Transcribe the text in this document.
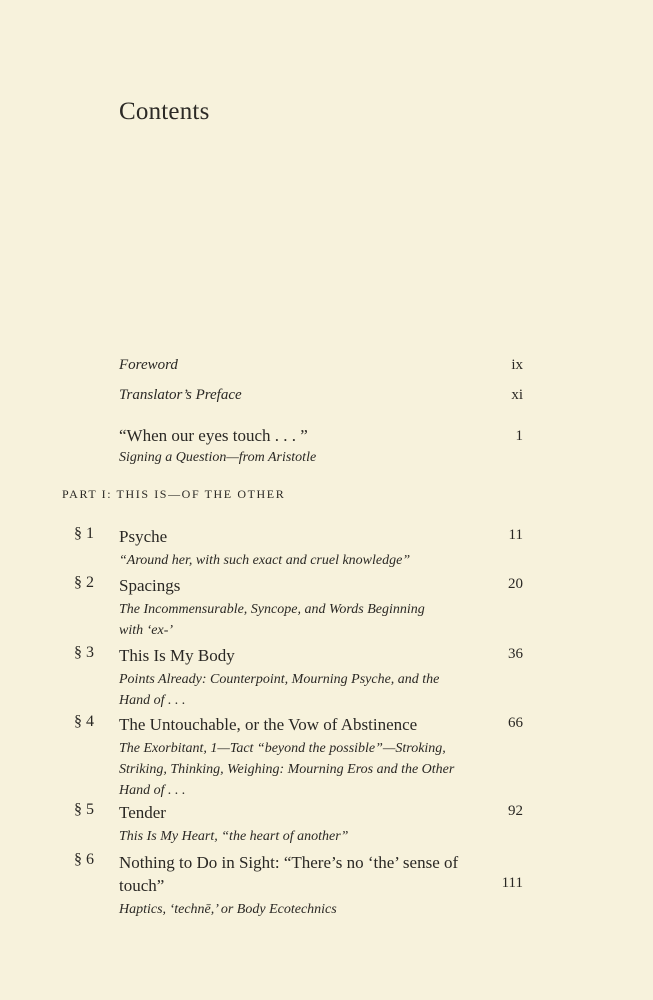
Contents
Foreword	ix
Translator’s Preface	xi
“When our eyes touch . . . ”
Signing a Question—from Aristotle
1
PART I: THIS IS—OF THE OTHER
§ 1 Psyche
“Around her, with such exact and cruel knowledge”
11
§ 2 Spacings
The Incommensurable, Syncope, and Words Beginning with ‘ex-’
20
§ 3 This Is My Body
Points Already: Counterpoint, Mourning Psyche, and the Hand of . . .
36
§ 4 The Untouchable, or the Vow of Abstinence
The Exorbitant, 1—Tact “beyond the possible”—Stroking, Striking, Thinking, Weighing: Mourning Eros and the Other Hand of . . .
66
§ 5 Tender
This Is My Heart, “the heart of another”
92
§ 6 Nothing to Do in Sight: “There’s no ‘the’ sense of touch”
Haptics, ‘technē,’ or Body Ecotechnics
111
